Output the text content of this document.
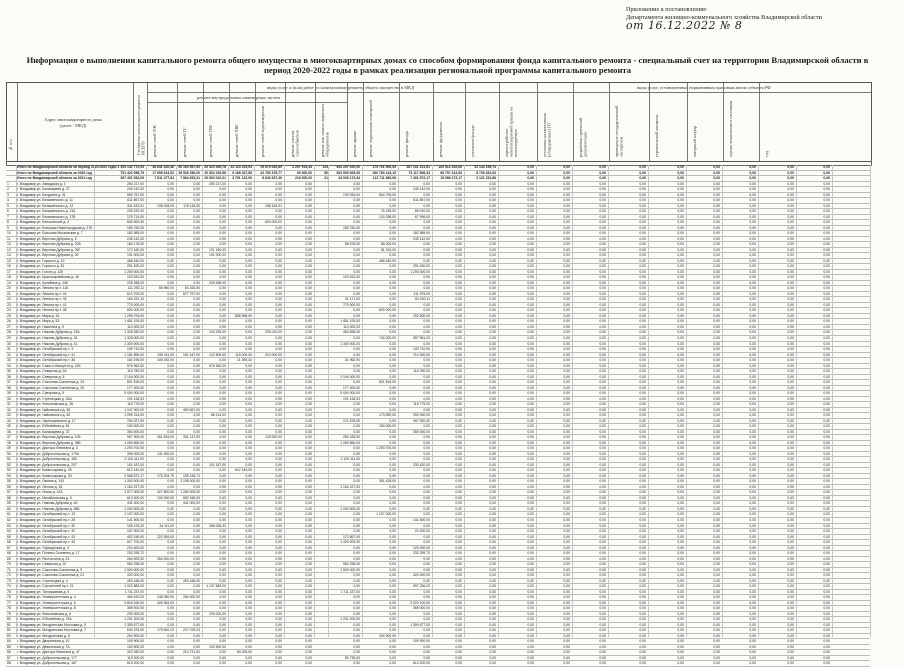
Приложение к постановлению
Департамента жилищно-коммунального хозяйства Владимирской области
от 16.12.2022 № 8
Информация о выполнении капитального ремонта общего имущества в многоквартирных домах со способом формирования фонда капитального ремонта - специальный счет на территории Владимирской области в период 2020-2022 годы в рамках реализации региональной программы капитального ремонта
№ п/п
Адрес многоквартирного дома (далее - МКД)	Стоимость капитального ремонта ВСЕГО
виды услуг и (или) работ по капитальному ремонту общего имущества в МКД
ремонт внутридомовых инженерных систем
виды услуг, установленные нормативным правовым актом субъекта РФ
ремонт сетей ЭЭС	ремонт сетей ТС	ремонт сетей ГВС	ремонт сетей ХВС	ремонт сетей водоотведения	ремонт систем газоснабжения	ремонт или замена лифтового оборудования	ремонт крыши	ремонт подвальных помещений	ремонт фасада	ремонт фундамента	утепление фасада	переустройство невентилируемой крыши на вентилируемую	установка коллективных (общедомовых) ПУ	разработка проектной документации	проведение государственной экспертизы	строительный контроль	авторский надзор	оценка технического состояния	год
Итого по Владимирской области за период 2020-2022 годы 1 394 142 772,93	38 641 420,36	60 160 567,52	20 323 499,78	22 113 225,03	29 679 052,89	2 297 915,44	125	493 257 020,00	175 701 900,53	287 101 121,61	100 312 252,60	22 144 199,74	0,00	0,00	0,00	0,00	0,00	0,00	0,00	0,00	0,00
Итого по Владимирской области за 2020 год	751 422 096,79	17 908 913,52	26 526 280,00	20 802 316,56	9 168 337,85	22 783 375,77	90 000,00	50	363 509 005,06	160 783 143,15	73 117 606,34	66 797 312,63	8 735 262,63	0,00	0,00	0,00	0,00	0,00	0,00	0,00	0,00	0,00
Итого по Владимирской области за 2021 год	367 491 532,09	7 811 477,84	7 864 833,31	20 803 010,01	3 791 132,09	8 643 337,40	216 000,00	21	43 009 174,34	113 711 960,08	7 401 572,17	15 986 173,17	2 121 231,86	0,00	0,00	0,00	0,00	0,00	0,00	0,00	0,00	0,00
1	г. Владимир ул. Завадская д. 4	250 217,00	0,00	0,00	250 217,00	0,00	0,00	0,00	0,00	0,00	0,00	0,00	0,00	0,00	0,00	0,00	0,00	0,00	0,00	0,00	0,00	0,00
2	г. Владимир ул. Балакирева д. 37	249 142,00	0,00	0,00	0,00	0,00	0,00	0,00	0,00	0,00	249 142,00	0,00	0,00	0,00	0,00	0,00	0,00	0,00	0,00	0,00	0,00	0,00
3	г. Владимир ул. Батурина д. 31	890 757,00	0,00	0,00	0,00	0,00	0,00	0,00	139 933,00	804 790,00	0,00	0,00	0,00	0,00	0,00	0,00	0,00	0,00	0,00	0,00	0,00	0,00
4	г. Владимир ул. Безыменского д. 11	611 867,00	0,00	0,00	0,00	0,00	0,00	0,00	0,00	0,00	611 867,00	0,00	0,00	0,00	0,00	0,00	0,00	0,00	0,00	0,00	0,00	0,00
5	г. Владимир ул. Безыменского д. 14	441 519,91	108 318,00	176 118,00	0,00	0,00	158 163,91	0,00	0,00	0,00	0,00	0,00	0,00	0,00	0,00	0,00	0,00	0,00	0,00	0,00	0,00	0,00
6	г. Владимир ул. Безыменского д. 13А	225 220,00	0,00	0,00	0,00	0,00	0,00	0,00	0,00	76 199,00	89 010,00	0,00	0,00	0,00	0,00	0,00	0,00	0,00	0,00	0,00	0,00	0,00
7	г. Владимир ул. Безыменского д. 17В	175 714,00	0,00	0,00	0,00	0,00	0,00	0,00	0,00	120 298,00	67 906,00	0,00	0,00	0,00	0,00	0,00	0,00	0,00	0,00	0,00	0,00	0,00
8	г. Владимир ул. Белоконской д. 4	800 000,00	0,00	0,00	0,00	0,00	800 000,00	0,00	0,00	0,00	0,00	0,00	0,00	0,00	0,00	0,00	0,00	0,00	0,00	0,00	0,00	0,00
9	г. Владимир ул. Большая Нижегородская д. 27Б	150 760,00	0,00	0,00	0,00	0,00	0,00	0,00	150 760,00	0,00	0,00	0,00	0,00	0,00	0,00	0,00	0,00	0,00	0,00	0,00	0,00	0,00
10	г. Владимир ул. Большая Московская д. 7	182 989,00	0,00	0,00	0,00	0,00	0,00	0,00	0,00	0,00	182 989,00	0,00	0,00	0,00	0,00	0,00	0,00	0,00	0,00	0,00	0,00	0,00
11	г. Владимир ул. Верхняя Дуброва д. 5	245 142,00	0,00	0,00	0,00	0,00	0,00	0,00	0,00	0,00	245 142,00	0,00	0,00	0,00	0,00	0,00	0,00	0,00	0,00	0,00	0,00	0,00
12	г. Владимир ул. Верхняя Дуброва д. 20А	184 176,00	0,00	0,00	0,00	0,00	0,00	0,00	86 976,00	88 200,00	0,00	0,00	0,00	0,00	0,00	0,00	0,00	0,00	0,00	0,00	0,00	0,00
13	г. Владимир ул. Верхняя Дуброва д. 26Г	172 160,00	0,00	0,00	121 150,00	0,00	0,00	0,00	0,00	51 010,00	0,00	0,00	0,00	0,00	0,00	0,00	0,00	0,00	0,00	0,00	0,00	0,00
14	г. Владимир ул. Верхняя Дуброва д. 32	191 000,00	0,00	0,00	191 000,00	0,00	0,00	0,00	0,00	0,00	0,00	0,00	0,00	0,00	0,00	0,00	0,00	0,00	0,00	0,00	0,00	0,00
15	г. Владимир ул. Горького д. 10	466 440,00	0,00	0,00	0,00	0,00	0,00	0,00	0,00	466 440,00	0,00	0,00	0,00	0,00	0,00	0,00	0,00	0,00	0,00	0,00	0,00	0,00
16	г. Владимир ул. Горького д. 81	291 490,00	0,00	0,00	0,00	0,00	0,00	0,00	0,00	0,00	291 490,00	0,00	0,00	0,00	0,00	0,00	0,00	0,00	0,00	0,00	0,00	0,00
17	г. Владимир ул. Гоголя д. 12б	1 200 000,00	0,00	0,00	0,00	0,00	0,00	0,00	0,00	0,00	1 200 000,00	0,00	0,00	0,00	0,00	0,00	0,00	0,00	0,00	0,00	0,00	0,00
18	г. Владимир ул. Красноармейская д. 46	120 531,00	0,00	0,00	0,00	0,00	0,00	0,00	120 531,00	0,00	0,00	0,00	0,00	0,00	0,00	0,00	0,00	0,00	0,00	0,00	0,00	0,00
19	г. Владимир ул. Кулибина д. 10Б	225 268,00	0,00	0,00	225 268,00	0,00	0,00	0,00	0,00	0,00	0,00	0,00	0,00	0,00	0,00	0,00	0,00	0,00	0,00	0,00	0,00	0,00
20	г. Владимир ул. Ленина пр-т. 11Б	111 293,11	56 960,00	54 333,00	0,00	0,00	0,00	0,00	0,00	0,00	0,00	0,00	0,00	0,00	0,00	0,00	0,00	0,00	0,00	0,00	0,00	0,00
21	г. Владимир ул. Ленина пр-т. 24	610 700,00	0,00	677 797,00	0,00	0,00	0,00	0,00	0,00	0,00	111 975,00	0,00	0,00	0,00	0,00	0,00	0,00	0,00	0,00	0,00	0,00	0,00
22	г. Владимир ул. Ленина пр-т. 34	164 221,10	0,00	0,00	0,00	0,00	0,00	0,00	31 171,00	0,00	63 000,11	0,00	0,00	0,00	0,00	0,00	0,00	0,00	0,00	0,00	0,00	0,00
23	г. Владимир ул. Ленина пр-т. 41	770 000,00	0,00	0,00	0,00	0,00	0,00	0,00	770 000,00	0,00	0,00	0,00	0,00	0,00	0,00	0,00	0,00	0,00	0,00	0,00	0,00	0,00
24	г. Владимир ул. Ленина пр-т. 48	600 000,00	0,00	0,00	0,00	0,00	0,00	0,00	0,00	600 000,00	0,00	0,00	0,00	0,00	0,00	0,00	0,00	0,00	0,00	0,00	0,00	0,00
25	г. Владимир ул. Мира д. 15	1 299 076,00	0,00	0,00	0,00	888 968,00	0,00	0,00	0,00	0,00	292 500,00	0,00	0,00	0,00	0,00	0,00	0,00	0,00	0,00	0,00	0,00	0,00
26	г. Владимир ул. Мира д. 53	1 451 193,00	0,00	0,00	0,00	0,00	0,00	0,00	1 451 193,00	0,00	0,00	0,00	0,00	0,00	0,00	0,00	0,00	0,00	0,00	0,00	0,00	0,00
27	г. Владимир ул. Никитина д. 9	114 000,00	0,00	0,00	0,00	0,00	0,00	0,00	114 000,00	0,00	0,00	0,00	0,00	0,00	0,00	0,00	0,00	0,00	0,00	0,00	0,00	0,00
28	г. Владимир ул. Нижняя Дуброва д. 23А	1 326 940,00	0,00	0,00	104 225,00	0,00	200 010,00	0,00	484 598,00	0,00	0,00	0,00	0,00	0,00	0,00	0,00	0,00	0,00	0,00	0,00	0,00	0,00
29	г. Владимир ул. Нижняя Дуброва д. 34	1 325 000,00	0,00	0,00	0,00	0,00	0,00	0,00	0,00	740 200,00	557 961,00	0,00	0,00	0,00	0,00	0,00	0,00	0,00	0,00	0,00	0,00	0,00
30	г. Владимир ул. Нижняя Дуброва д. 41	1 300 000,00	0,00	0,00	0,00	0,00	0,00	0,00	1 300 000,00	0,00	0,00	0,00	0,00	0,00	0,00	0,00	0,00	0,00	0,00	0,00	0,00	0,00
31	г. Владимир ул. Октябрьский пр-т. 3	109 710,00	0,00	0,00	0,00	0,00	0,00	0,00	0,00	0,00	109 710,00	0,00	0,00	0,00	0,00	0,00	0,00	0,00	0,00	0,00	0,00	0,00
32	г. Владимир ул. Октябрьский пр-т. 41	1 181 890,00	195 411,00	151 447,00	122 809,00	115 000,00	210 000,00	0,00	0,00	0,00	714 000,00	0,00	0,00	0,00	0,00	0,00	0,00	0,00	0,00	0,00	0,00	0,00
33	г. Владимир ул. Октябрьский пр-т. 36	162 195,00	105 192,00	0,00	0,00	21 393,42	0,00	0,00	31 962,00	0,00	0,00	0,00	0,00	0,00	0,00	0,00	0,00	0,00	0,00	0,00	0,00	0,00
34	г. Владимир ул. Сакко и Ванцетти д. 21Б	576 962,00	0,00	0,00	576 962,00	0,00	0,00	0,00	0,00	0,00	0,00	0,00	0,00	0,00	0,00	0,00	0,00	0,00	0,00	0,00	0,00	0,00
35	г. Владимир ул. Северная д. 2А	116 780,00	0,00	0,00	0,00	0,00	0,00	0,00	0,00	0,00	116 780,00	0,00	0,00	0,00	0,00	0,00	0,00	0,00	0,00	0,00	0,00	0,00
36	г. Владимир ул. Северная д. 5	2 104 000,00	0,00	0,00	0,00	0,00	0,00	0,00	2 104 000,00	0,00	0,00	0,00	0,00	0,00	0,00	0,00	0,00	0,00	0,00	0,00	0,00	0,00
37	г. Владимир ул. Соколова-Соколенка д. 23	821 516,00	0,00	0,00	0,00	0,00	0,00	0,00	0,00	821 516,00	0,00	0,00	0,00	0,00	0,00	0,00	0,00	0,00	0,00	0,00	0,00	0,00
38	г. Владимир ул. Соколова-Соколенка д. 25	177 000,00	0,00	0,00	0,00	0,00	0,00	0,00	177 000,00	0,00	0,00	0,00	0,00	0,00	0,00	0,00	0,00	0,00	0,00	0,00	0,00	0,00
39	г. Владимир ул. Суворова д. 5	5 000 000,00	0,00	0,00	0,00	0,00	0,00	0,00	5 000 000,00	0,00	0,00	0,00	0,00	0,00	0,00	0,00	0,00	0,00	0,00	0,00	0,00	0,00
40	г. Владимир ул. Стрелецкая д. 34А	191 418,00	0,00	0,00	0,00	0,00	0,00	0,00	191 418,00	0,00	0,00	0,00	0,00	0,00	0,00	0,00	0,00	0,00	0,00	0,00	0,00	0,00
41	г. Владимир ул. Фатьяновская д. 18	119 779,00	0,00	0,00	0,00	0,00	0,00	0,00	0,00	0,00	119 779,00	0,00	0,00	0,00	0,00	0,00	0,00	0,00	0,00	0,00	0,00	0,00
42	г. Владимир ул. Чайковского д. 36	1 047 000,00	0,00	490 567,00	0,00	0,00	0,00	0,00	0,00	0,00	0,00	0,00	0,00	0,00	0,00	0,00	0,00	0,00	0,00	0,00	0,00	0,00
43	г. Владимир ул. Чайковского д. 40	1 099 314,00	0,00	0,00	88 214,00	0,00	0,00	0,00	0,00	173 890,00	292 000,00	0,00	0,00	0,00	0,00	0,00	0,00	0,00	0,00	0,00	0,00	0,00
44	г. Владимир ул. Чернышевского д. 17	784 027,00	0,00	0,00	0,00	0,00	0,00	0,00	171 578,00	0,00	497 000,00	0,00	0,00	0,00	0,00	0,00	0,00	0,00	0,00	0,00	0,00	0,00
45	г. Владимир ул. Юбилейная д. 54	150 000,00	0,00	0,00	0,00	0,00	0,00	0,00	0,00	150 000,00	0,00	0,00	0,00	0,00	0,00	0,00	0,00	0,00	0,00	0,00	0,00	0,00
46	г. Владимир ул. Балакирева д. 37	350 000,00	0,00	0,00	0,00	0,00	0,00	0,00	0,00	0,00	350 000,00	0,00	0,00	0,00	0,00	0,00	0,00	0,00	0,00	0,00	0,00	0,00
47	г. Владимир ул. Верхняя Дуброва д. 10Б	967 909,00	261 534,00	331 147,00	0,00	0,00	125 000,00	0,00	250 228,00	0,00	0,00	0,00	0,00	0,00	0,00	0,00	0,00	0,00	0,00	0,00	0,00	0,00
48	г. Владимир ул. Верхняя Дуброва д. 38Б	1 059 860,00	0,00	0,00	0,00	0,00	0,00	0,00	1 059 860,00	0,00	0,00	0,00	0,00	0,00	0,00	0,00	0,00	0,00	0,00	0,00	0,00	0,00
49	г. Владимир ул. Диктора Левитана д. 3	1 293 700,00	0,00	0,00	0,00	0,00	0,00	0,00	0,00	1 293 700,00	0,00	0,00	0,00	0,00	0,00	0,00	0,00	0,00	0,00	0,00	0,00	0,00
50	г. Владимир ул. Добросельская д. 170А	396 000,00	141 000,00	0,00	0,00	0,00	0,00	0,00	0,00	0,00	0,00	0,00	0,00	0,00	0,00	0,00	0,00	0,00	0,00	0,00	0,00	0,00
51	г. Владимир ул. Добросельская д. 180	2 125 411,00	0,00	0,00	0,00	0,00	0,00	0,00	2 125 411,00	0,00	0,00	0,00	0,00	0,00	0,00	0,00	0,00	0,00	0,00	0,00	0,00	0,00
52	г. Владимир ул. Добросельская д. 207	101 187,00	0,00	0,00	101 187,00	0,00	0,00	0,00	0,00	0,00	230 420,00	0,00	0,00	0,00	0,00	0,00	0,00	0,00	0,00	0,00	0,00	0,00
53	г. Владимир ул. Комиссарова д. 25	612 140,00	0,00	0,00	0,00	512 140,00	0,00	0,00	0,00	0,00	0,00	0,00	0,00	0,00	0,00	0,00	0,00	0,00	0,00	0,00	0,00	0,00
54	г. Владимир ул. Комиссарова д. 33	2 568 572,17	175 204,79	195 128,71	0,00	0,00	0,00	0,00	0,00	0,00	0,00	0,00	0,00	0,00	0,00	0,00	0,00	0,00	0,00	0,00	0,00	0,00
55	г. Владимир ул. Лакина д. 143	1 300 000,00	0,00	3 108 000,00	0,00	0,00	0,00	0,00	0,00	351 428,00	0,00	0,00	0,00	0,00	0,00	0,00	0,00	0,00	0,00	0,00	0,00	0,00
56	г. Владимир ул. Лесная д. 18	1 164 227,00	0,00	0,00	0,00	0,00	0,00	0,00	1 164 227,00	0,00	0,00	0,00	0,00	0,00	0,00	0,00	0,00	0,00	0,00	0,00	0,00	0,00
57	г. Владимир ул. Лихая д. 10А	1 577 300,00	427 800,00	1 260 000,00	0,00	0,00	0,00	0,00	0,00	0,00	0,00	0,00	0,00	0,00	0,00	0,00	0,00	0,00	0,00	0,00	0,00	0,00
58	г. Владимир ул. Михайловская д. 5	613 000,00	100 000,00	650 348,00	0,00	0,00	0,00	0,00	0,00	0,00	0,00	0,00	0,00	0,00	0,00	0,00	0,00	0,00	0,00	0,00	0,00	0,00
59	г. Владимир ул. Нижняя Дуброва д. 40	441 000,00	0,00	441 000,00	0,00	0,00	0,00	0,00	0,00	0,00	0,00	0,00	0,00	0,00	0,00	0,00	0,00	0,00	0,00	0,00	0,00	0,00
60	г. Владимир ул. Нижняя Дуброва д. 48Б	1 000 000,00	0,00	0,00	0,00	0,00	0,00	0,00	1 000 000,00	0,00	0,00	0,00	0,00	0,00	0,00	0,00	0,00	0,00	0,00	0,00	0,00	0,00
61	г. Владимир ул. Октябрьский пр-т. 13	1 197 000,00	0,00	0,00	0,00	0,00	0,00	0,00	0,00	1 197 000,00	0,00	0,00	0,00	0,00	0,00	0,00	0,00	0,00	0,00	0,00	0,00	0,00
62	г. Владимир ул. Октябрьский пр-т. 28	141 500,00	0,00	0,00	0,00	0,00	0,00	0,00	0,00	0,00	141 500,00	0,00	0,00	0,00	0,00	0,00	0,00	0,00	0,00	0,00	0,00	0,00
63	г. Владимир ул. Октябрьский пр-т. 30	105 476,20	34 111,00	0,00	305 006,33	0,00	0,00	0,00	0,00	0,00	0,00	0,00	0,00	0,00	0,00	0,00	0,00	0,00	0,00	0,00	0,00	0,00
64	г. Владимир ул. Октябрьский пр-т. 32	157 000,00	0,00	0,00	0,00	0,00	0,00	0,00	0,00	0,00	22 000,00	0,00	0,00	0,00	0,00	0,00	0,00	0,00	0,00	0,00	0,00	0,00
65	г. Владимир ул. Октябрьский пр-т. 43	402 150,00	222 926,00	0,00	0,00	0,00	0,00	0,00	172 867,00	0,00	0,00	0,00	0,00	0,00	0,00	0,00	0,00	0,00	0,00	0,00	0,00	0,00
66	г. Владимир ул. Октябрьский пр-т. 45	617 700,00	0,00	0,00	0,00	0,00	0,00	0,00	1 420 000,00	0,00	0,00	0,00	0,00	0,00	0,00	0,00	0,00	0,00	0,00	0,00	0,00	0,00
67	г. Владимир ул. Офицерская д. 4	224 400,00	0,00	0,00	0,00	0,00	0,00	0,00	0,00	0,00	120 000,00	0,00	0,00	0,00	0,00	0,00	0,00	0,00	0,00	0,00	0,00	0,00
68	г. Владимир ул. Полины Осипенко д. 17	232 295,72	0,00	0,00	0,00	0,00	0,00	0,00	0,00	0,00	232 295,72	0,00	0,00	0,00	0,00	0,00	0,00	0,00	0,00	0,00	0,00	0,00
69	г. Владимир ул. Растопчина д. 23	264 200,00	264 200,00	0,00	0,00	0,00	0,00	0,00	0,00	0,00	0,00	0,00	0,00	0,00	0,00	0,00	0,00	0,00	0,00	0,00	0,00	0,00
70	г. Владимир ул. Северная д. 20	962 298,00	0,00	0,00	0,00	0,00	0,00	0,00	962 298,00	0,00	0,00	0,00	0,00	0,00	0,00	0,00	0,00	0,00	0,00	0,00	0,00	0,00
71	г. Владимир ул. Соколова-Соколенка д. 9	1 500 000,00	0,00	0,00	0,00	0,00	0,00	0,00	1 500 000,00	0,00	0,00	0,00	0,00	0,00	0,00	0,00	0,00	0,00	0,00	0,00	0,00	0,00
72	г. Владимир ул. Соколова-Соколенка д. 21	420 000,00	0,00	0,00	0,00	0,00	0,00	0,00	0,00	0,00	420 000,00	0,00	0,00	0,00	0,00	0,00	0,00	0,00	0,00	0,00	0,00	0,00
73	г. Владимир ул. Стрелецкая д. 4	493 166,00	0,00	493 166,00	0,00	0,00	0,00	0,00	0,00	0,00	0,00	0,00	0,00	0,00	0,00	0,00	0,00	0,00	0,00	0,00	0,00	0,00
74	г. Владимир ул. Строителей пр-т. 21	1 022 883,00	0,00	0,00	1 137 683,00	0,00	0,00	0,00	0,00	0,00	697 236,00	0,00	0,00	0,00	0,00	0,00	0,00	0,00	0,00	0,00	0,00	0,00
75	г. Владимир ул. Тихонравова д. 5	1 711 237,00	0,00	0,00	0,00	0,00	0,00	0,00	1 711 237,00	0,00	0,00	0,00	0,00	0,00	0,00	0,00	0,00	0,00	0,00	0,00	0,00	0,00
76	г. Владимир ул. Университетская д. 4	460 420,00	246 050,00	264 000,00	0,00	0,00	0,00	0,00	0,00	0,00	0,00	0,00	0,00	0,00	0,00	0,00	0,00	0,00	0,00	0,00	0,00	0,00
77	г. Владимир ул. Университетская д. 6	3 815 160,00	405 354,00	0,00	0,00	0,00	0,00	0,00	0,00	0,00	2 020 100,00	0,00	0,00	0,00	0,00	0,00	0,00	0,00	0,00	0,00	0,00	0,00
78	г. Владимир ул. Университетская д. 8	369 000,00	0,00	0,00	0,00	0,00	0,00	0,00	0,00	0,00	369 000,00	0,00	0,00	0,00	0,00	0,00	0,00	0,00	0,00	0,00	0,00	0,00
79	г. Владимир ул. Фатьяновская д. 6	230 000,00	0,00	0,00	230 000,00	0,00	0,00	0,00	0,00	0,00	0,00	0,00	0,00	0,00	0,00	0,00	0,00	0,00	0,00	0,00	0,00	0,00
80	г. Владимир ул. Юбилейная д. 76А	1 201 200,00	0,00	0,00	0,00	0,00	0,00	0,00	1 201 200,00	0,00	0,00	0,00	0,00	0,00	0,00	0,00	0,00	0,00	0,00	0,00	0,00	0,00
81	г. Владимир ул. Мичуринская Мостовая д. 5	1 350 677,00	0,00	0,00	0,00	0,00	0,00	0,00	0,00	0,00	1 350 677,00	0,00	0,00	0,00	0,00	0,00	0,00	0,00	0,00	0,00	0,00	0,00
82	г. Владимир ул. Мичуринская Мостовая д. 7	630 375,00	179 652,23	227 078,23	0,00	0,00	0,00	0,00	0,00	0,00	0,00	0,00	0,00	0,00	0,00	0,00	0,00	0,00	0,00	0,00	0,00	0,00
83	г. Владимир ул. Мичуринская д. 8	204 900,00	0,00	0,00	0,00	0,00	0,00	0,00	0,00	204 900,00	0,00	0,00	0,00	0,00	0,00	0,00	0,00	0,00	0,00	0,00	0,00	0,00
84	г. Владимир ул. Дворянская д. 10	109 900,00	0,00	0,00	0,00	0,00	0,00	0,00	0,00	0,00	109 900,00	0,00	0,00	0,00	0,00	0,00	0,00	0,00	0,00	0,00	0,00	0,00
85	г. Владимир ул. Девическая д. 7А	102 500,00	0,00	0,00	102 500,00	0,00	0,00	0,00	0,00	0,00	0,00	0,00	0,00	0,00	0,00	0,00	0,00	0,00	0,00	0,00	0,00	0,00
86	г. Владимир ул. Диктора Левитана д. 47	322 260,00	0,00	214 721,00	0,00	54 025,00	0,00	0,00	0,00	0,00	0,00	0,00	0,00	0,00	0,00	0,00	0,00	0,00	0,00	0,00	0,00	0,00
87	г. Владимир ул. Добросельская д. 177	115 200,00	0,00	0,00	0,00	0,00	0,00	0,00	80 735,00	0,00	0,00	0,00	0,00	0,00	0,00	0,00	0,00	0,00	0,00	0,00	0,00	0,00
88	г. Владимир ул. Добросельская д. 187	613 200,00	0,00	0,00	0,00	0,00	0,00	0,00	0,00	0,00	613 200,00	0,00	0,00	0,00	0,00	0,00	0,00	0,00	0,00	0,00	0,00	0,00
